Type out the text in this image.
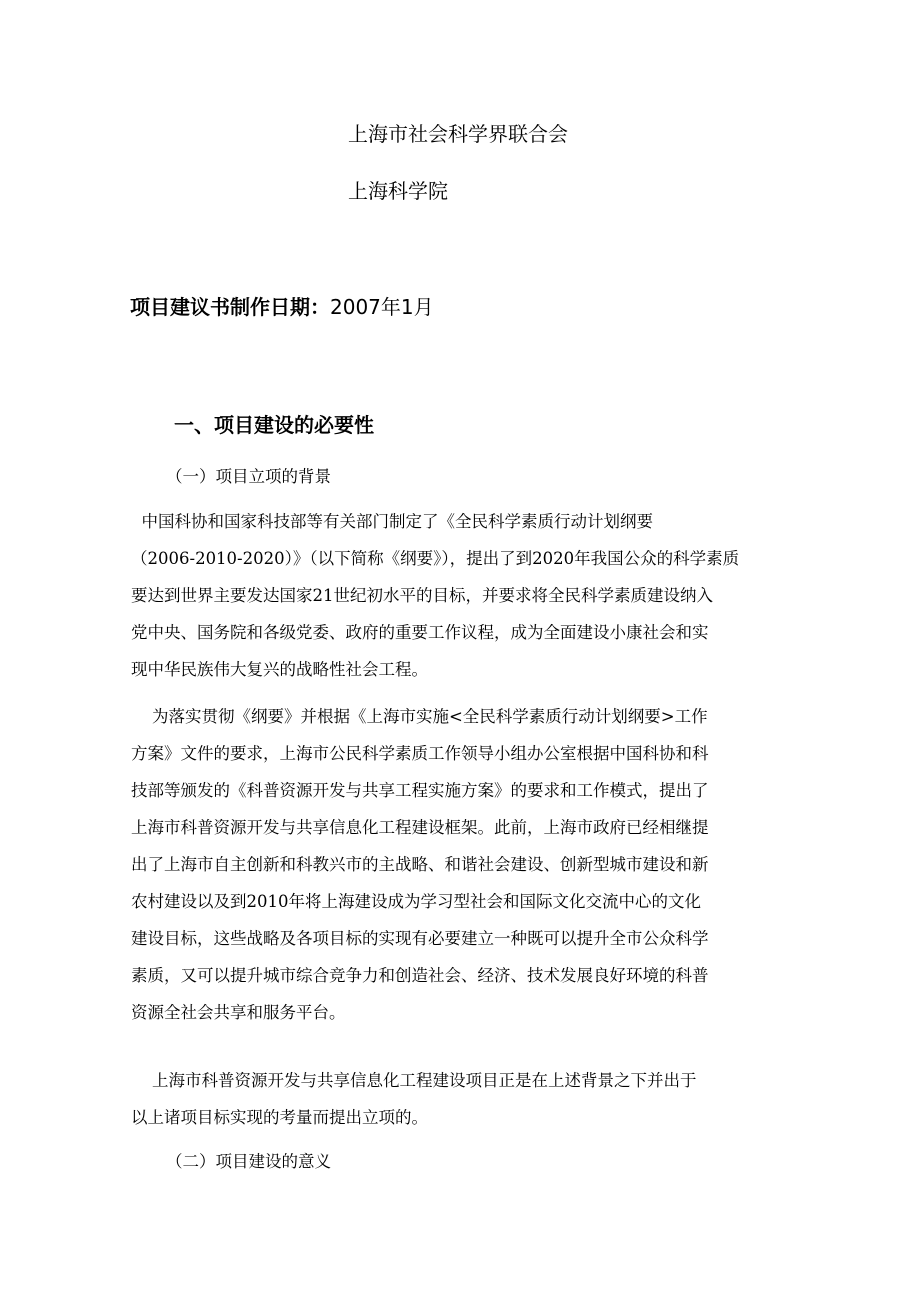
上海市社会科学界联合会
上海科学院
项目建议书制作日期：2007年1月
一、项目建设的必要性
（一）项目立项的背景
中国科协和国家科技部等有关部门制定了《全民科学素质行动计划纲要
（2006-2010-2020）》（以下简称《纲要》），提出了到2020年我国公众的科学素质
要达到世界主要发达国家21世纪初水平的目标，并要求将全民科学素质建设纳入
党中央、国务院和各级党委、政府的重要工作议程，成为全面建设小康社会和实
现中华民族伟大复兴的战略性社会工程。
为落实贯彻《纲要》并根据《上海市实施<全民科学素质行动计划纲要>工作
方案》文件的要求，上海市公民科学素质工作领导小组办公室根据中国科协和科
技部等颁发的《科普资源开发与共享工程实施方案》的要求和工作模式，提出了
上海市科普资源开发与共享信息化工程建设框架。此前，上海市政府已经相继提
出了上海市自主创新和科教兴市的主战略、和谐社会建设、创新型城市建设和新
农村建设以及到2010年将上海建设成为学习型社会和国际文化交流中心的文化
建设目标，这些战略及各项目标的实现有必要建立一种既可以提升全市公众科学
素质，又可以提升城市综合竞争力和创造社会、经济、技术发展良好环境的科普
资源全社会共享和服务平台。
上海市科普资源开发与共享信息化工程建设项目正是在上述背景之下并出于
以上诸项目标实现的考量而提出立项的。
（二）项目建设的意义
